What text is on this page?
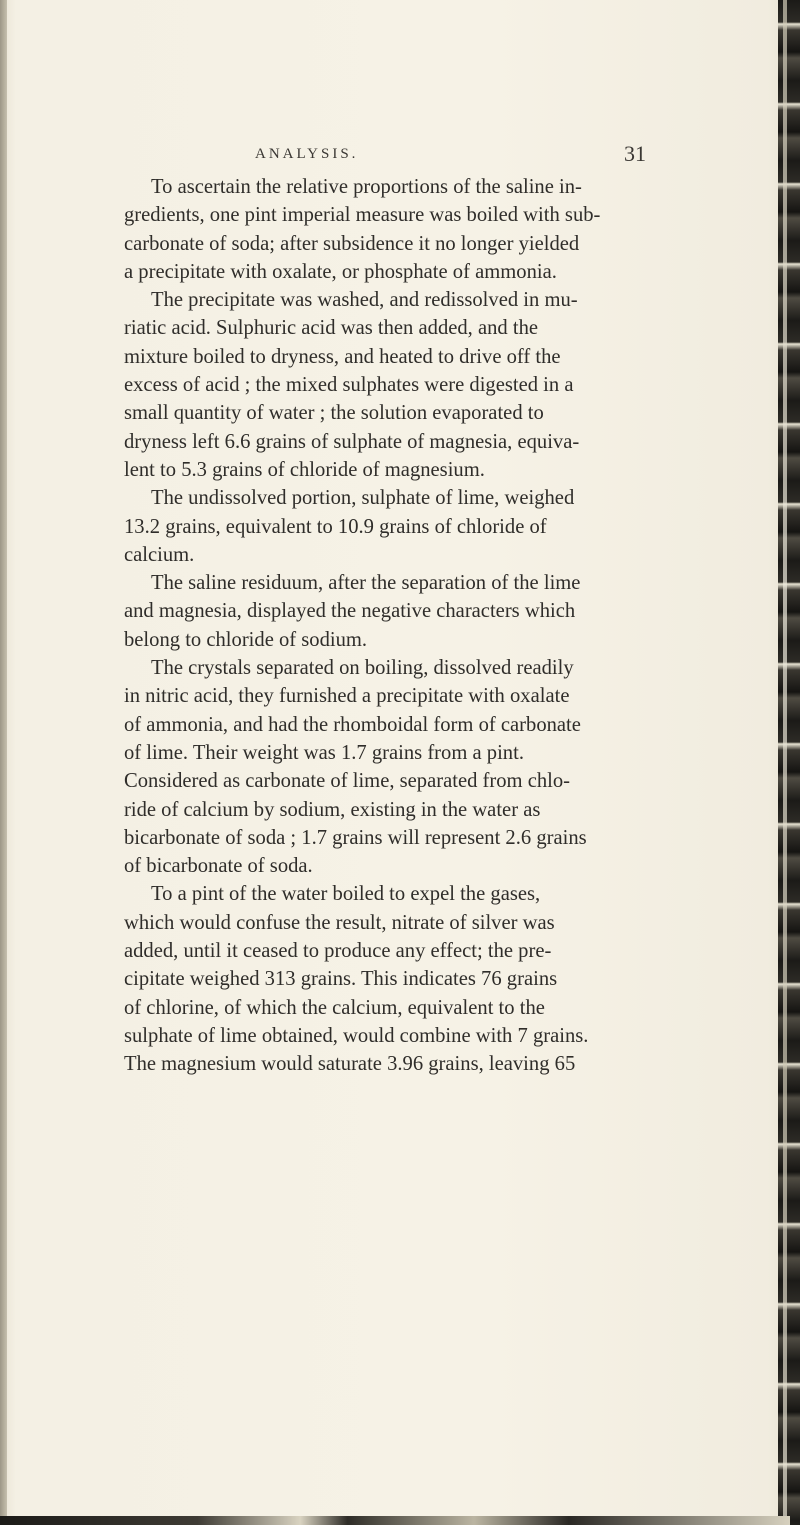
ANALYSIS.	31
To ascertain the relative proportions of the saline in-
gredients, one pint imperial measure was boiled with sub-
carbonate of soda; after subsidence it no longer yielded
a precipitate with oxalate, or phosphate of ammonia.
The precipitate was washed, and redissolved in mu-
riatic acid. Sulphuric acid was then added, and the
mixture boiled to dryness, and heated to drive off the
excess of acid ; the mixed sulphates were digested in a
small quantity of water ; the solution evaporated to
dryness left 6.6 grains of sulphate of magnesia, equiva-
lent to 5.3 grains of chloride of magnesium.
The undissolved portion, sulphate of lime, weighed
13.2 grains, equivalent to 10.9 grains of chloride of
calcium.
The saline residuum, after the separation of the lime
and magnesia, displayed the negative characters which
belong to chloride of sodium.
The crystals separated on boiling, dissolved readily
in nitric acid, they furnished a precipitate with oxalate
of ammonia, and had the rhomboidal form of carbonate
of lime. Their weight was 1.7 grains from a pint.
Considered as carbonate of lime, separated from chlo-
ride of calcium by sodium, existing in the water as
bicarbonate of soda ; 1.7 grains will represent 2.6 grains
of bicarbonate of soda.
To a pint of the water boiled to expel the gases,
which would confuse the result, nitrate of silver was
added, until it ceased to produce any effect; the pre-
cipitate weighed 313 grains. This indicates 76 grains
of chlorine, of which the calcium, equivalent to the
sulphate of lime obtained, would combine with 7 grains.
The magnesium would saturate 3.96 grains, leaving 65
